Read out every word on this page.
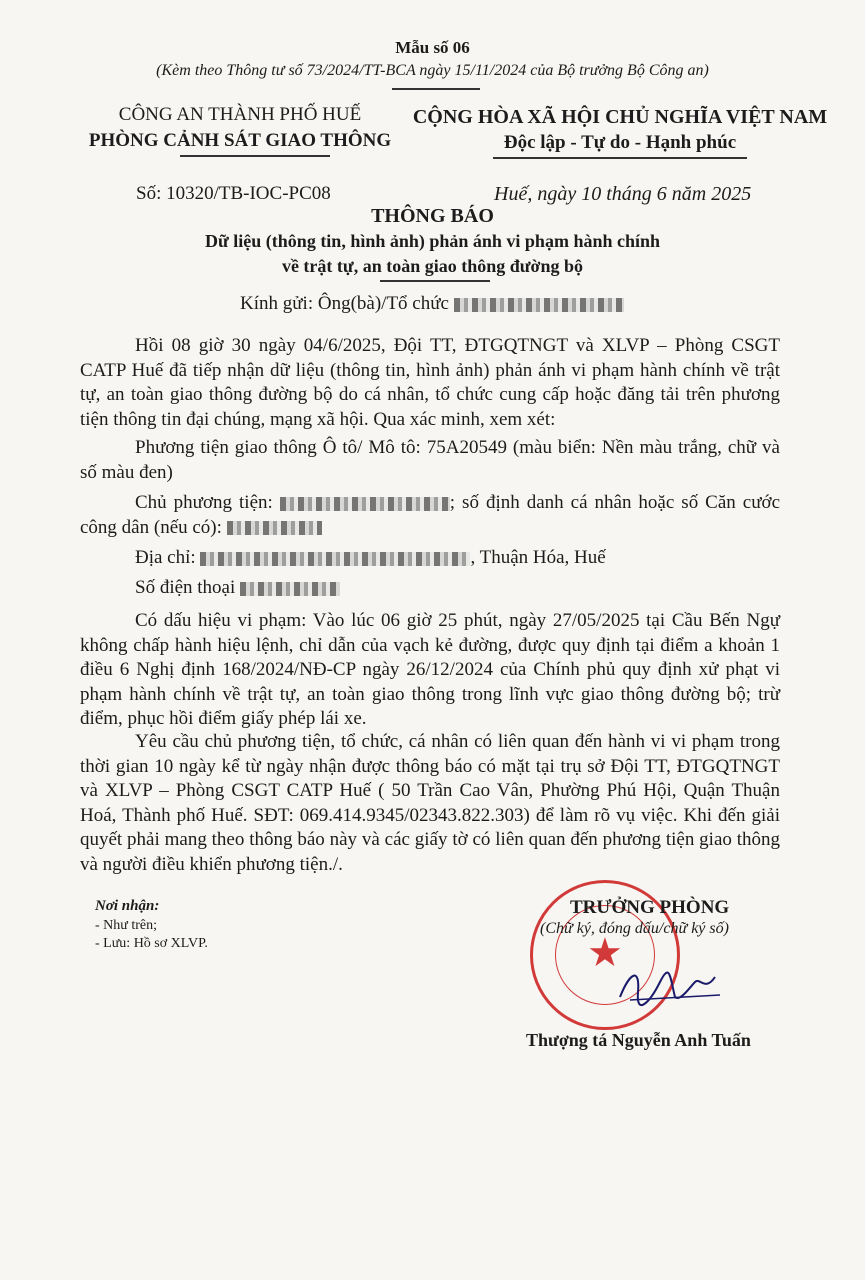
Mẫu số 06
(Kèm theo Thông tư số 73/2024/TT-BCA ngày 15/11/2024 của Bộ trưởng Bộ Công an)
CÔNG AN THÀNH PHỐ HUẾ
PHÒNG CẢNH SÁT GIAO THÔNG
CỘNG HÒA XÃ HỘI CHỦ NGHĨA VIỆT NAM
Độc lập - Tự do - Hạnh phúc
Số: 10320/TB-IOC-PC08	Huế, ngày 10 tháng 6 năm 2025
THÔNG BÁO
Dữ liệu (thông tin, hình ảnh) phản ánh vi phạm hành chính
về trật tự, an toàn giao thông đường bộ
Kính gửi: Ông(bà)/Tổ chức
Hồi 08 giờ 30 ngày 04/6/2025, Đội TT, ĐTGQTNGT và XLVP – Phòng CSGT CATP Huế đã tiếp nhận dữ liệu (thông tin, hình ảnh) phản ánh vi phạm hành chính về trật tự, an toàn giao thông đường bộ do cá nhân, tổ chức cung cấp hoặc đăng tải trên phương tiện thông tin đại chúng, mạng xã hội. Qua xác minh, xem xét:
Phương tiện giao thông Ô tô/ Mô tô: 75A20549 (màu biển: Nền màu trắng, chữ và số màu đen)
Chủ phương tiện:	; số định danh cá nhân hoặc số Căn cước công dân (nếu có):
Địa chỉ:	, Thuận Hóa, Huế
Số điện thoại
Có dấu hiệu vi phạm: Vào lúc 06 giờ 25 phút, ngày 27/05/2025 tại Cầu Bến Ngự không chấp hành hiệu lệnh, chỉ dẫn của vạch kẻ đường, được quy định tại điểm a khoản 1 điều 6 Nghị định 168/2024/NĐ-CP ngày 26/12/2024 của Chính phủ quy định xử phạt vi phạm hành chính về trật tự, an toàn giao thông trong lĩnh vực giao thông đường bộ; trừ điểm, phục hồi điểm giấy phép lái xe.
Yêu cầu chủ phương tiện, tổ chức, cá nhân có liên quan đến hành vi vi phạm trong thời gian 10 ngày kể từ ngày nhận được thông báo có mặt tại trụ sở Đội TT, ĐTGQTNGT và XLVP – Phòng CSGT CATP Huế ( 50 Trần Cao Vân, Phường Phú Hội, Quận Thuận Hoá, Thành phố Huế. SĐT: 069.414.9345/02343.822.303) để làm rõ vụ việc. Khi đến giải quyết phải mang theo thông báo này và các giấy tờ có liên quan đến phương tiện giao thông và người điều khiển phương tiện./.
Nơi nhận:
- Như trên;
- Lưu: Hồ sơ XLVP.	★
TRƯỞNG PHÒNG
(Chữ ký, đóng dấu/chữ ký số)
Thượng tá Nguyễn Anh Tuấn
